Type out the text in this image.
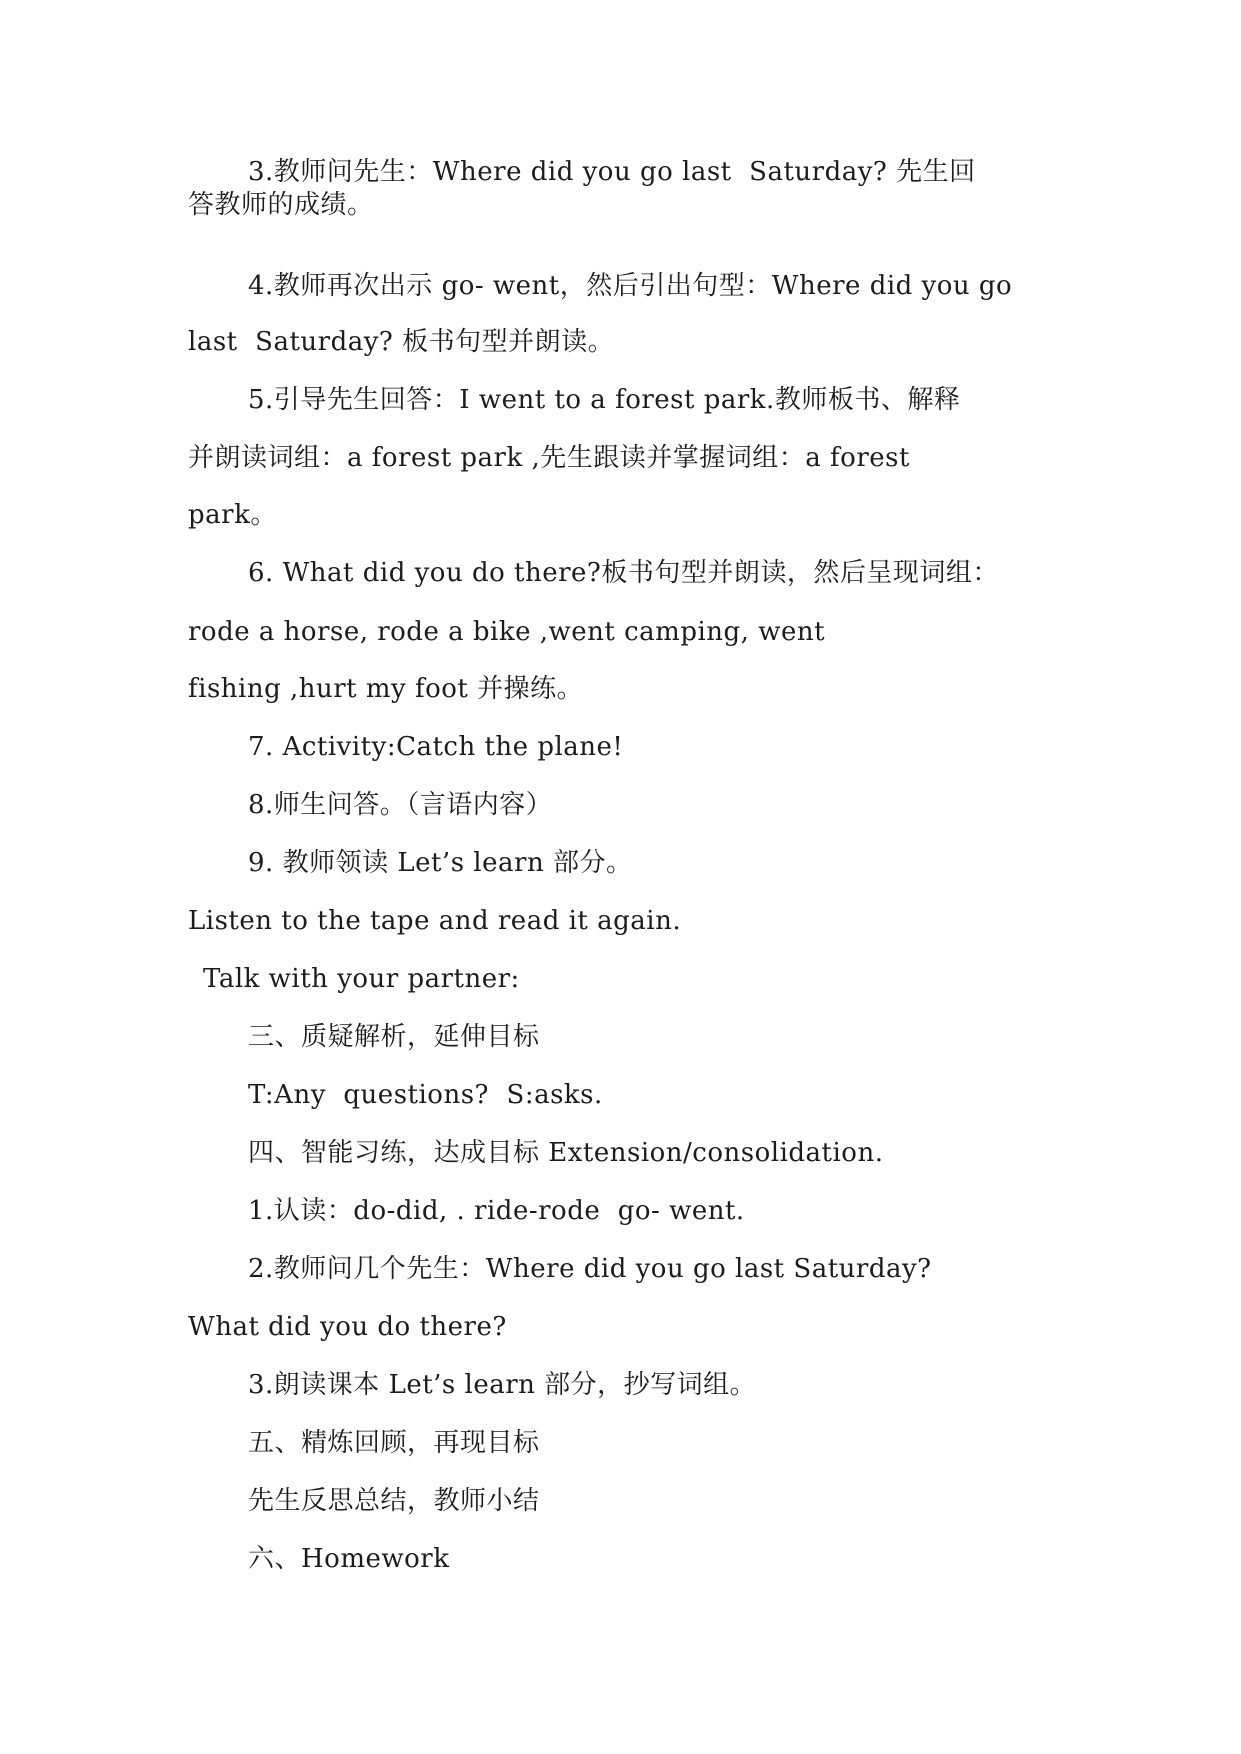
3.教师问先生：Where did you go last  Saturday? 先生回
答教师的成绩。
4.教师再次出示 go- went，然后引出句型：Where did you go
last  Saturday? 板书句型并朗读。
5.引导先生回答：I went to a forest park.教师板书、解释
并朗读词组：a forest park ,先生跟读并掌握词组：a forest
park。
6. What did you do there?板书句型并朗读，然后呈现词组：
rode a horse, rode a bike ,went camping, went
fishing ,hurt my foot 并操练。
7. Activity:Catch the plane!
8.师生问答。（言语内容）
9. 教师领读 Let’s learn 部分。
Listen to the tape and read it again.
Talk with your partner:
三、质疑解析，延伸目标
T:Any  questions?  S:asks.
四、智能习练，达成目标 Extension/consolidation.
1.认读：do-did, . ride-rode  go- went.
2.教师问几个先生：Where did you go last Saturday?
What did you do there?
3.朗读课本 Let’s learn 部分，抄写词组。
五、精炼回顾，再现目标
先生反思总结，教师小结
六、Homework
